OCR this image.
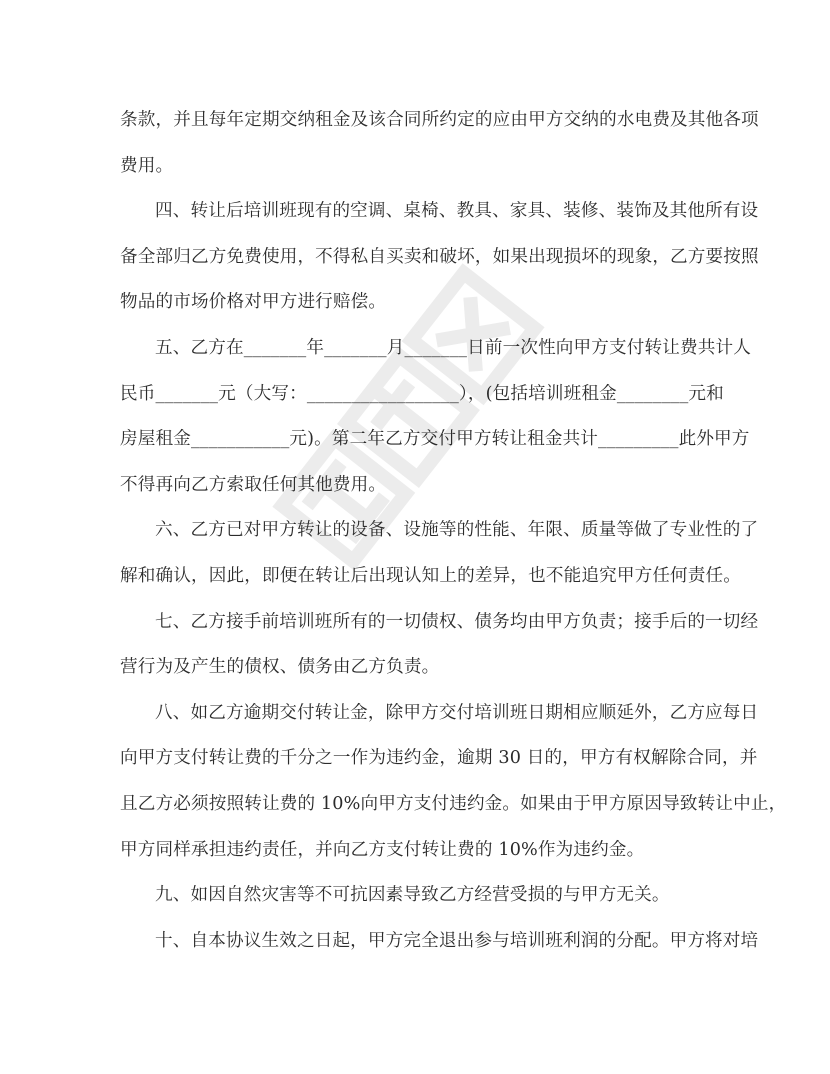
条款，并且每年定期交纳租金及该合同所约定的应由甲方交纳的水电费及其他各项
费用。

四、转让后培训班现有的空调、桌椅、教具、家具、装修、装饰及其他所有设
备全部归乙方免费使用，不得私自买卖和破坏，如果出现损坏的现象，乙方要按照
物品的市场价格对甲方进行赔偿。

五、乙方在_______年_______月_______日前一次性向甲方支付转让费共计人
民币_______元（大写：_________________），(包括培训班租金________元和
房屋租金___________元)。第二年乙方交付甲方转让租金共计_________此外甲方
不得再向乙方索取任何其他费用。

六、乙方已对甲方转让的设备、设施等的性能、年限、质量等做了专业性的了
解和确认，因此，即便在转让后出现认知上的差异，也不能追究甲方任何责任。

七、乙方接手前培训班所有的一切债权、债务均由甲方负责；接手后的一切经
营行为及产生的债权、债务由乙方负责。

八、如乙方逾期交付转让金，除甲方交付培训班日期相应顺延外，乙方应每日
向甲方支付转让费的千分之一作为违约金，逾期 30 日的，甲方有权解除合同，并
且乙方必须按照转让费的 10%向甲方支付违约金。如果由于甲方原因导致转让中止，
甲方同样承担违约责任，并向乙方支付转让费的 10%作为违约金。

九、如因自然灾害等不可抗因素导致乙方经营受损的与甲方无关。

十、自本协议生效之日起，甲方完全退出参与培训班利润的分配。甲方将对培
